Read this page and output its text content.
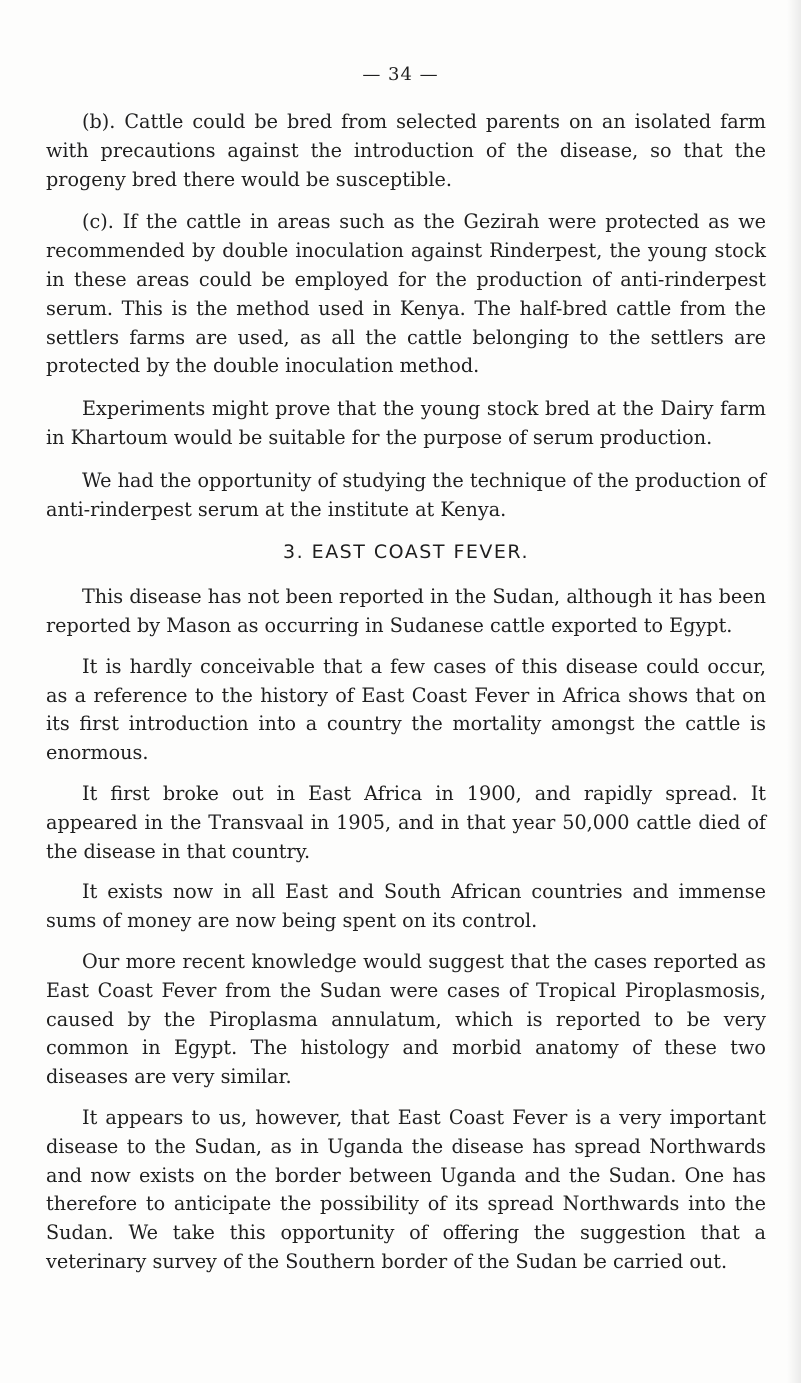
— 34 —

(b). Cattle could be bred from selected parents on an isolated farm with precautions against the introduction of the disease, so that the progeny bred there would be susceptible.

(c). If the cattle in areas such as the Gezirah were protected as we recommended by double inoculation against Rinderpest, the young stock in these areas could be employed for the production of anti-rinderpest serum. This is the method used in Kenya. The half-bred cattle from the settlers farms are used, as all the cattle belonging to the settlers are protected by the double inoculation method.

Experiments might prove that the young stock bred at the Dairy farm in Khartoum would be suitable for the purpose of serum production.

We had the opportunity of studying the technique of the production of anti-rinderpest serum at the institute at Kenya.

3. EAST COAST FEVER.

This disease has not been reported in the Sudan, although it has been reported by Mason as occurring in Sudanese cattle exported to Egypt.

It is hardly conceivable that a few cases of this disease could occur, as a reference to the history of East Coast Fever in Africa shows that on its first introduction into a country the mortality amongst the cattle is enormous.

It first broke out in East Africa in 1900, and rapidly spread. It appeared in the Transvaal in 1905, and in that year 50,000 cattle died of the disease in that country.

It exists now in all East and South African countries and immense sums of money are now being spent on its control.

Our more recent knowledge would suggest that the cases reported as East Coast Fever from the Sudan were cases of Tropical Piroplasmosis, caused by the Piroplasma annulatum, which is reported to be very common in Egypt. The histology and morbid anatomy of these two diseases are very similar.

It appears to us, however, that East Coast Fever is a very important disease to the Sudan, as in Uganda the disease has spread Northwards and now exists on the border between Uganda and the Sudan. One has therefore to anticipate the possibility of its spread Northwards into the Sudan. We take this opportunity of offering the suggestion that a veterinary survey of the Southern border of the Sudan be carried out.
